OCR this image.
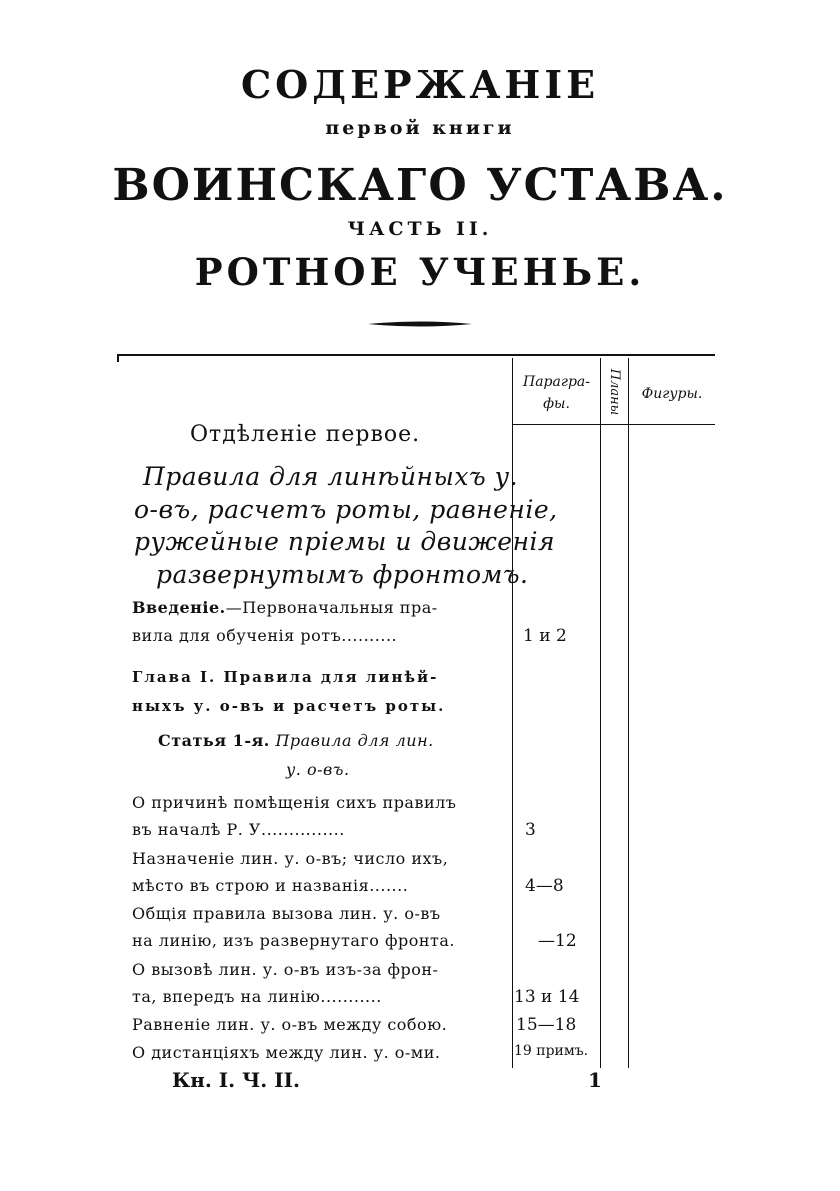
СОДЕРЖАНІЕ
первой книги
ВОИНСКАГО УСТАВА.
ЧАСТЬ II.
РОТНОЕ УЧЕНЬЕ.
Парагра-
фы.	Планы	Фигуры.
Отдѣленіе первое.
Правила для линѣйныхъ у.
о-въ, расчетъ роты, равненіе,
ружейные пріемы и движенія
развернутымъ фронтомъ.
Введеніе.—Первоначальныя пра-
вила для обученія ротъ..........	1 и 2
Глава I. Правила для линѣй-
ныхъ у. о-въ и расчетъ роты.
Статья 1-я. Правила для лин.
у. о-въ.
О причинѣ помѣщенія сихъ правилъ
въ началѣ Р. У...............	3
Назначеніе лин. у. о-въ; число ихъ,
мѣсто въ строю и названія.......	4—8
Общія правила вызова лин. у. о-въ
на линію, изъ развернутаго фронта.	—12
О вызовѣ лин. у. о-въ изъ-за фрон-
та, впередъ на линію...........	13 и 14
Равненіе лин. у. о-въ между собою.	15—18
О дистанціяхъ между лин. у. о-ми.	19 примъ.
Кн. I. Ч. II.	1
